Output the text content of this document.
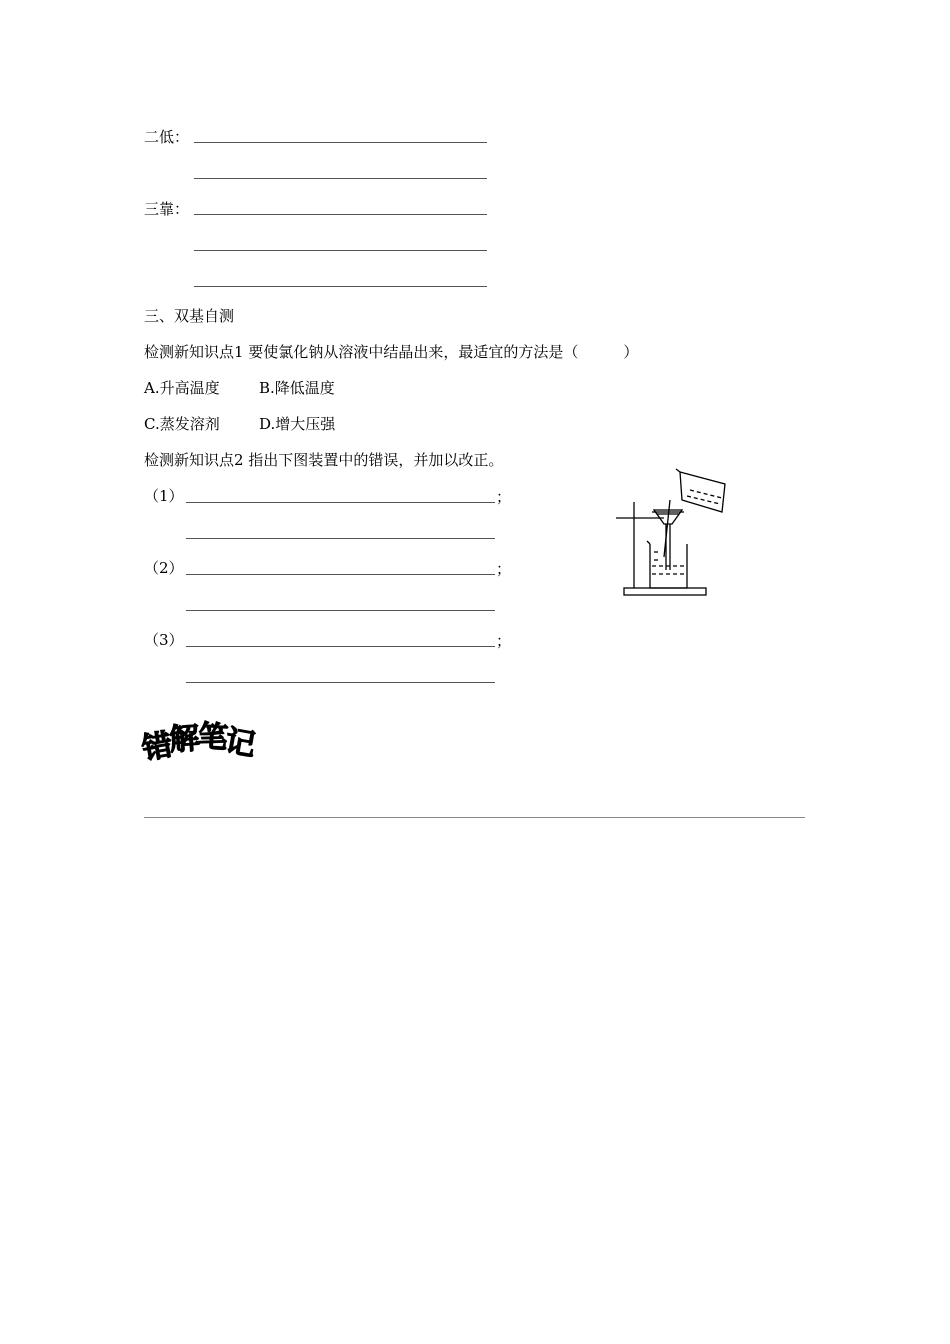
二低：
三靠：
三、双基自测
检测新知识点1 要使氯化钠从溶液中结晶出来，最适宜的方法是（　　　）
A.升高温度	B.降低温度
C.蒸发溶剂	D.增大压强
检测新知识点2 指出下图装置中的错误，并加以改正。
（1）	；
（2）	；
（3）	；
错解笔记
